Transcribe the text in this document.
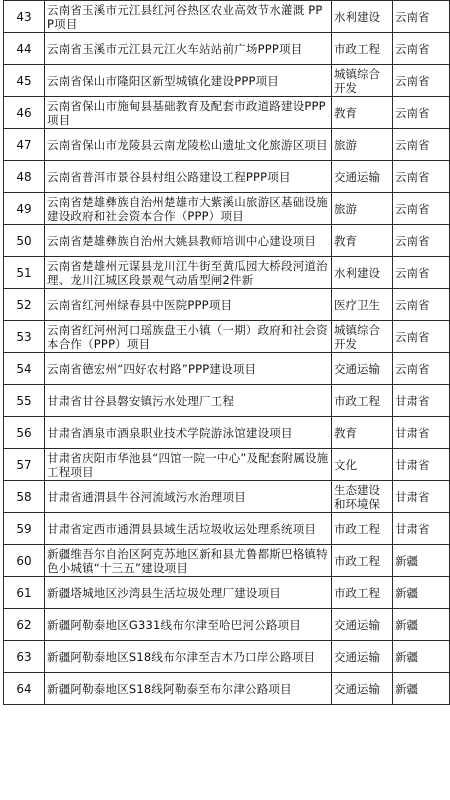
43	云南省玉溪市元江县红河谷热区农业高效节水灌溉 PPP项目	水利建设	云南省
44	云南省玉溪市元江县元江火车站站前广场PPP项目	市政工程	云南省
45	云南省保山市隆阳区新型城镇化建设PPP项目	城镇综合开发	云南省
46	云南省保山市施甸县基础教育及配套市政道路建设PPP项目	教育	云南省
47	云南省保山市龙陵县云南龙陵松山遗址文化旅游区项目	旅游	云南省
48	云南省普洱市景谷县村组公路建设工程PPP项目	交通运输	云南省
49	云南省楚雄彝族自治州楚雄市大紫溪山旅游区基础设施建设政府和社会资本合作（PPP）项目	旅游	云南省
50	云南省楚雄彝族自治州大姚县教师培训中心建设项目	教育	云南省
51	云南省楚雄州元谋县龙川江牛街至黄瓜园大桥段河道治理、龙川江城区段景观气动盾型闸2件新	水利建设	云南省
52	云南省红河州绿春县中医院PPP项目	医疗卫生	云南省
53	云南省红河州河口瑶族盘王小镇（一期）政府和社会资本合作（PPP）项目	城镇综合开发	云南省
54	云南省德宏州“四好农村路”PPP建设项目	交通运输	云南省
55	甘肃省甘谷县磐安镇污水处理厂工程	市政工程	甘肃省
56	甘肃省酒泉市酒泉职业技术学院游泳馆建设项目	教育	甘肃省
57	甘肃省庆阳市华池县“四馆一院一中心”及配套附属设施工程项目	文化	甘肃省
58	甘肃省通渭县牛谷河流域污水治理项目	生态建设和环境保	甘肃省
59	甘肃省定西市通渭县县域生活垃圾收运处理系统项目	市政工程	甘肃省
60	新疆维吾尔自治区阿克苏地区新和县尤鲁都斯巴格镇特色小城镇“十三五”建设项目	市政工程	新疆
61	新疆塔城地区沙湾县生活垃圾处理厂建设项目	市政工程	新疆
62	新疆阿勒泰地区G331线布尔津至哈巴河公路项目	交通运输	新疆
63	新疆阿勒泰地区S18线布尔津至吉木乃口岸公路项目	交通运输	新疆
64	新疆阿勒泰地区S18线阿勒泰至布尔津公路项目	交通运输	新疆
